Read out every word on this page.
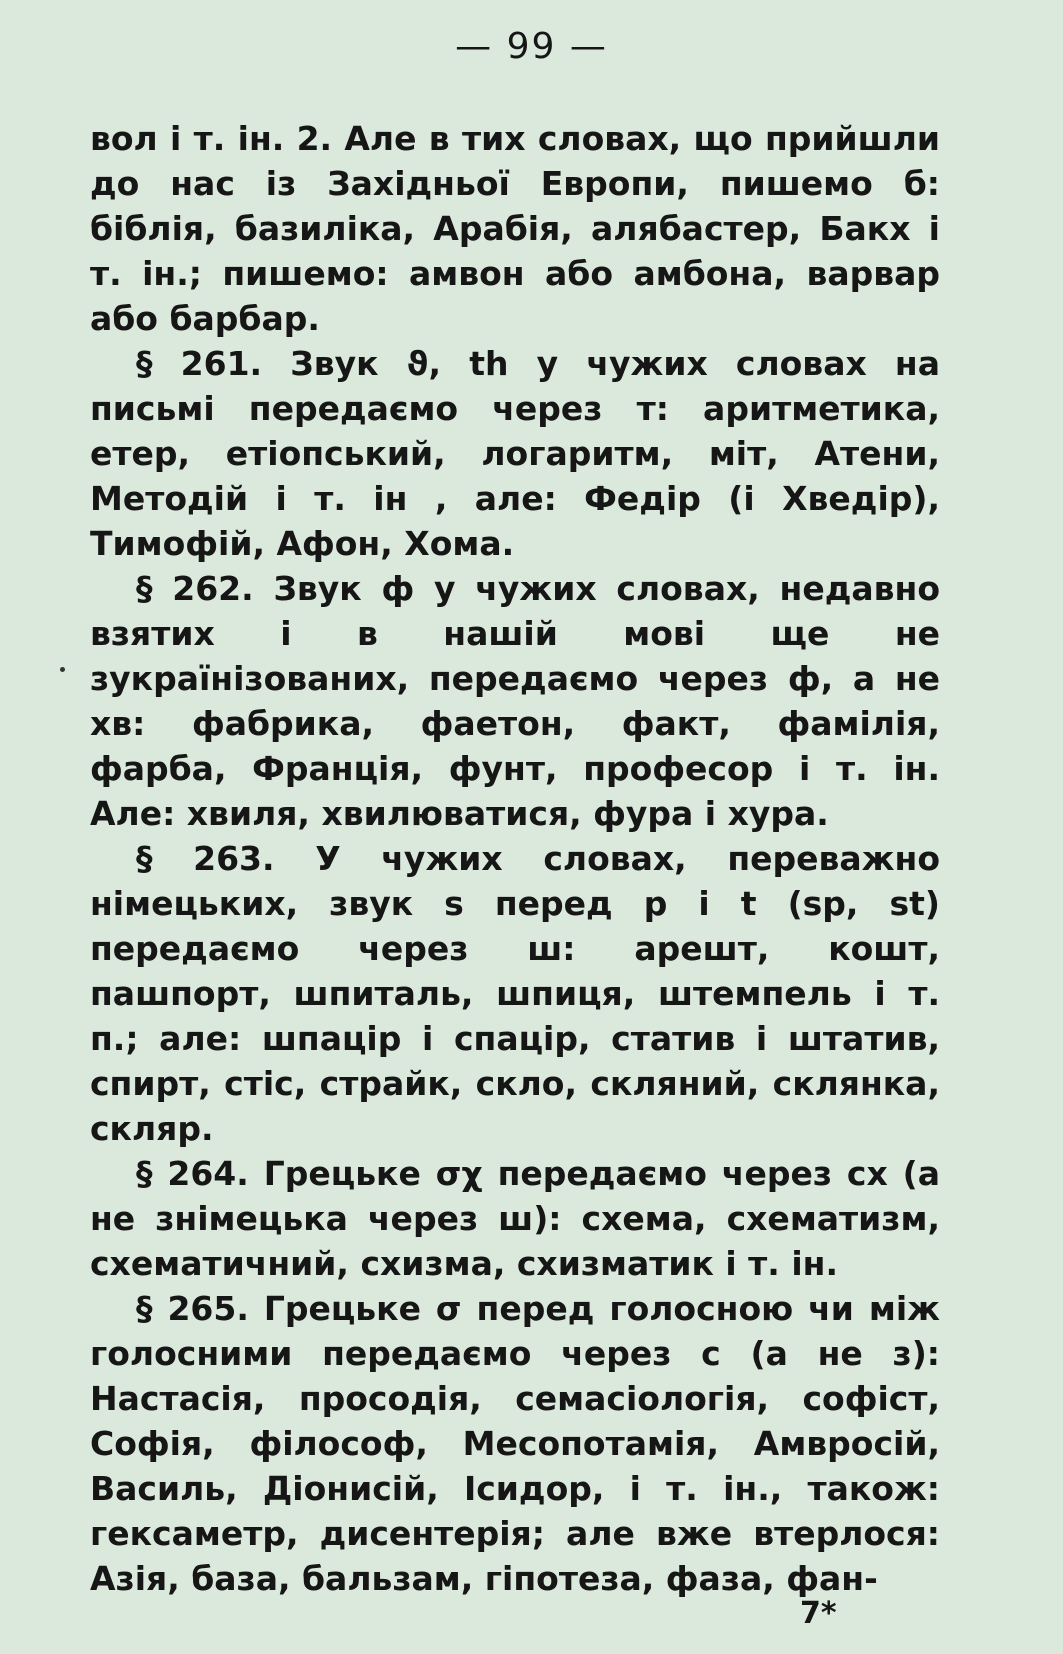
— 99 —

вол і т. ін. 2. Але в тих словах, що прийшли до нас із Західньої Европи, пишемо б: біблія, базиліка, Арабія, алябастер, Бакх і т. ін.; пишемо: амвон або амбона, варвар або барбар.

§ 261. Звук ϑ, th у чужих словах на письмі передаємо через т: аритметика, етер, етіопський, логаритм, міт, Атени, Методій і т. ін , але: Федір (і Хведір), Тимофій, Афон, Хома.

§ 262. Звук ф у чужих словах, недавно взятих і в нашій мові ще не зукраїнізованих, передаємо через ф, а не хв: фабрика, фаетон, факт, фамілія, фарба, Франція, фунт, професор і т. ін. Але: хвиля, хвилюватися, фура і хура.

§ 263. У чужих словах, переважно німецьких, звук s перед p і t (sp, st) передаємо через ш: арешт, кошт, пашпорт, шпиталь, шпиця, штемпель і т. п.; але: шпацір і спацір, статив і штатив, спирт, стіс, страйк, скло, скляний, склянка, скляр.

§ 264. Грецьке σχ передаємо через сх (а не знімецька через ш): схема, схематизм, схематичний, схизма, схизматик і т. ін.

§ 265. Грецьке σ перед голосною чи між голосними передаємо через с (а не з): Настасія, просодія, семасіологія, софіст, Софія, філософ, Месопотамія, Амвросій, Василь, Діонисій, Ісидор, і т. ін., також: гексаметр, дисентерія; але вже втерлося: Азія, база, бальзам, гіпотеза, фаза, фан-

7*
